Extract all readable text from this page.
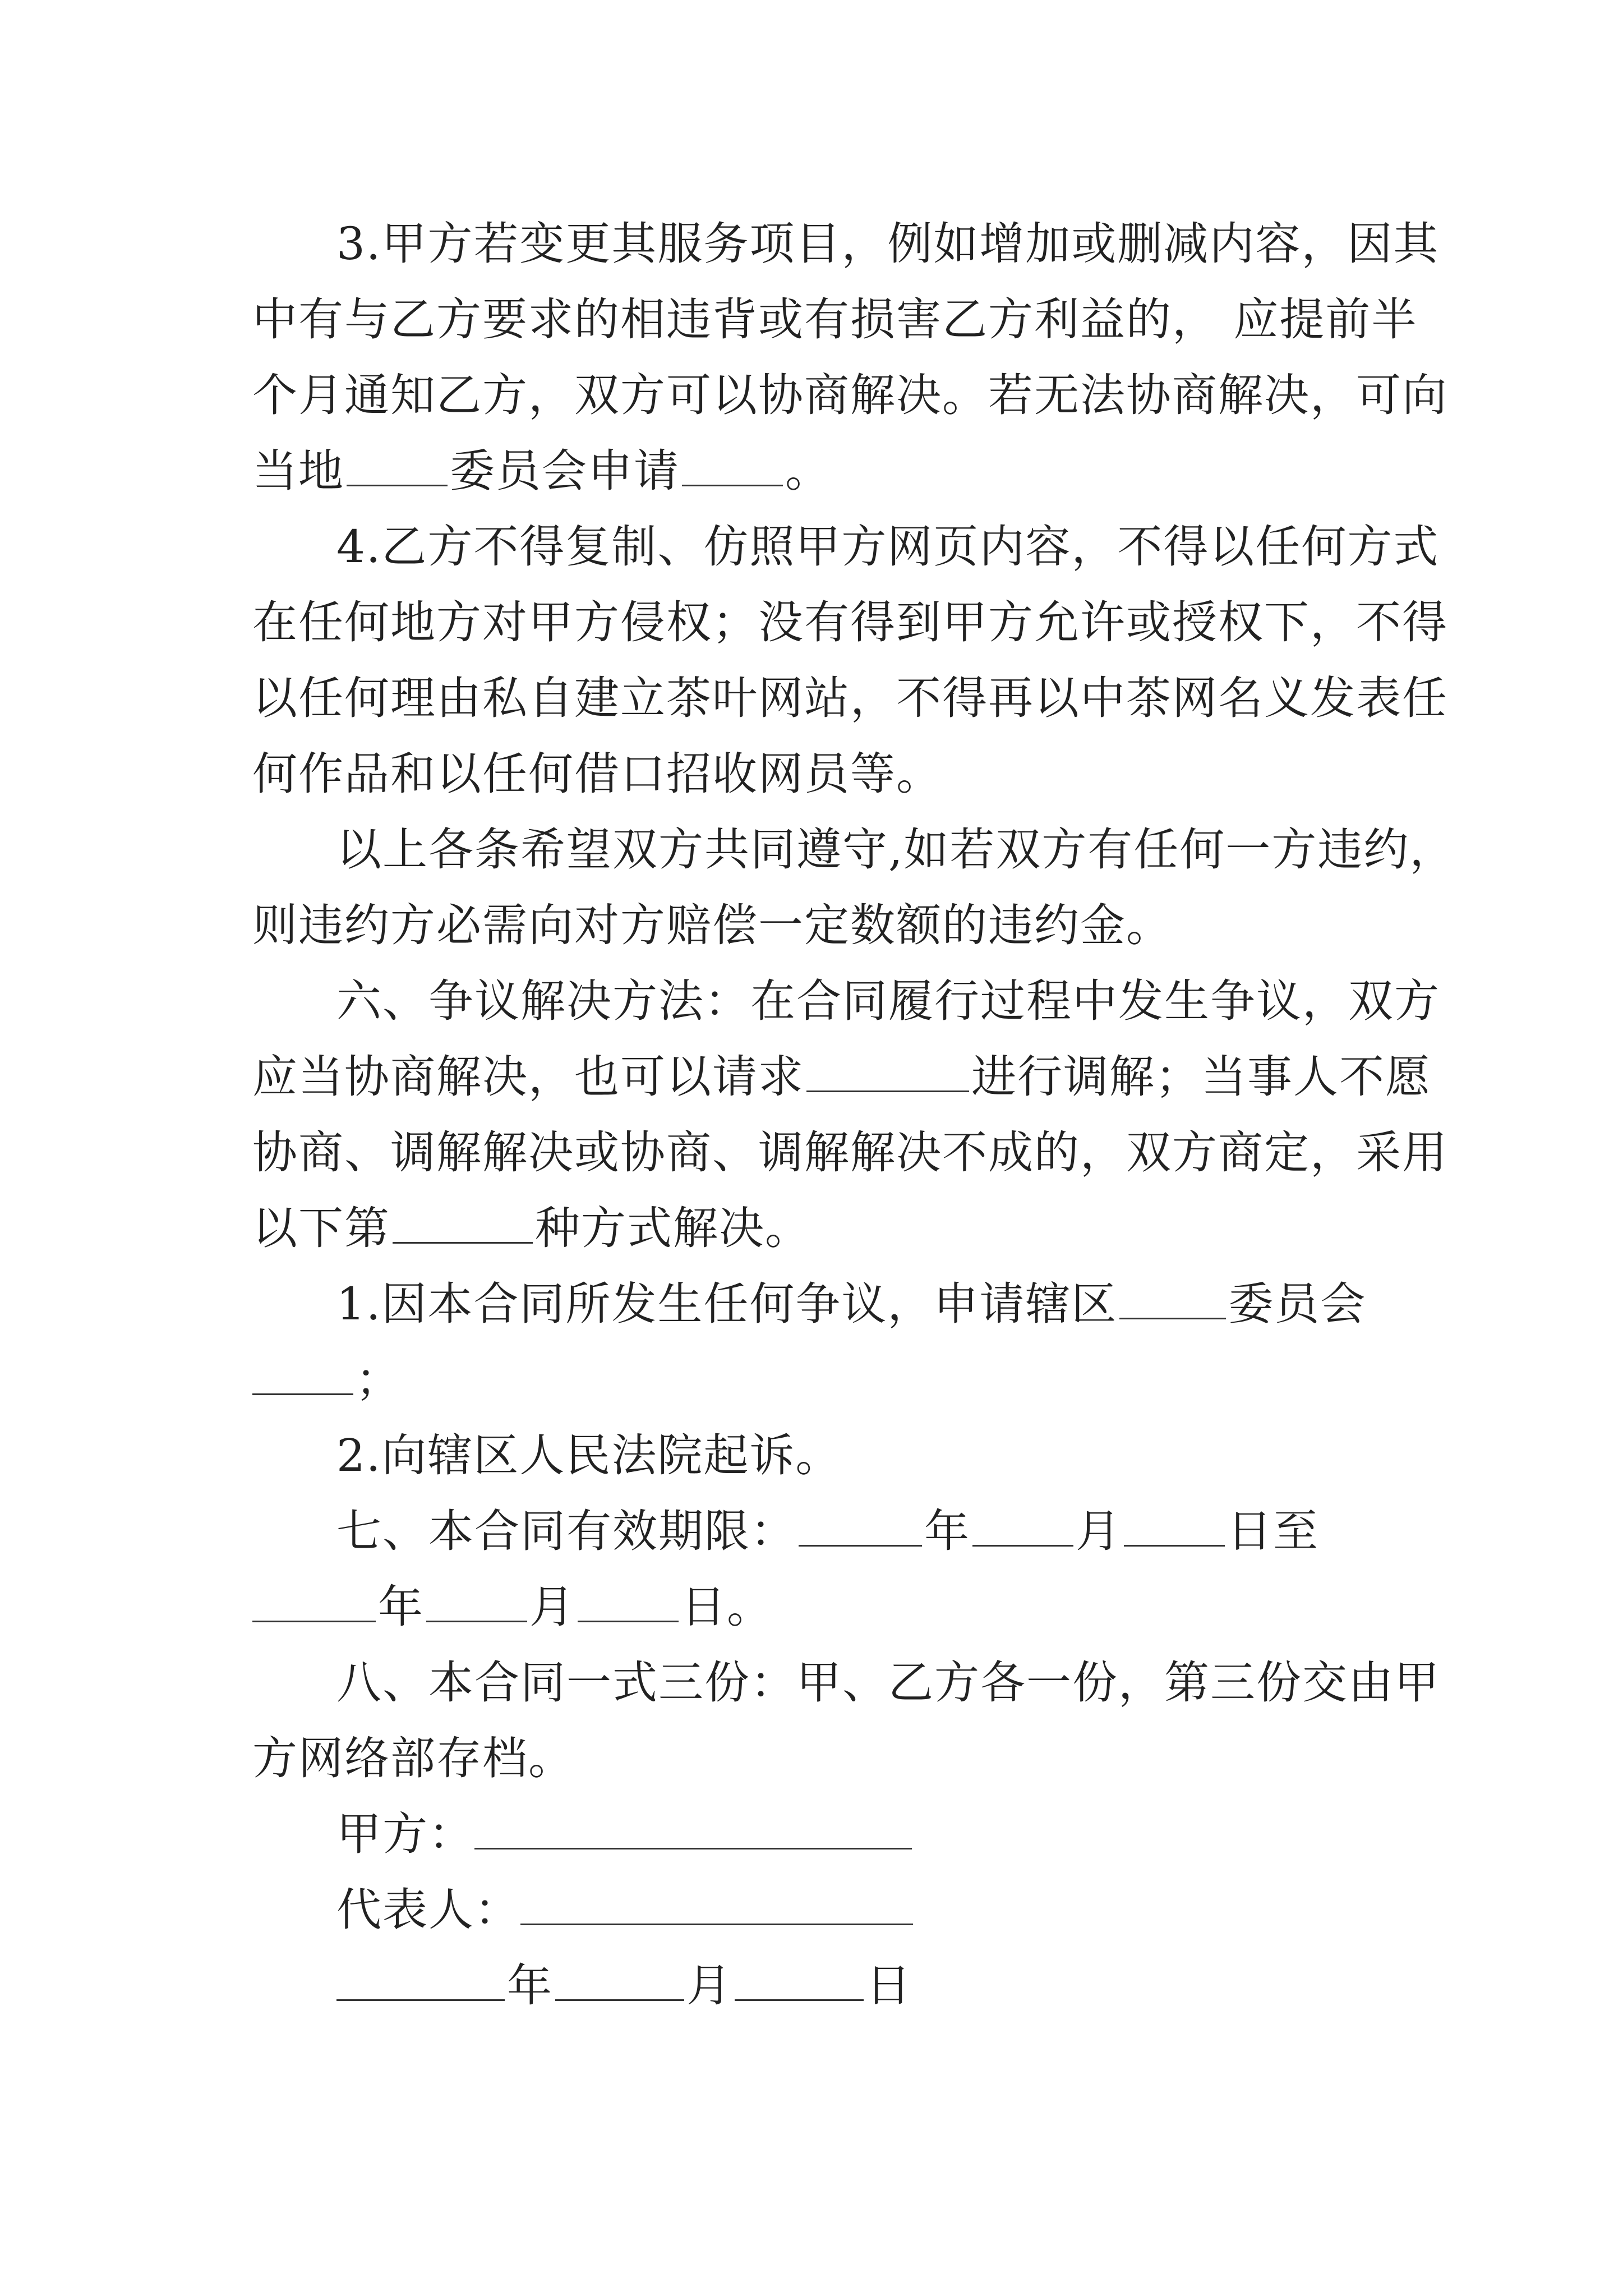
3.甲方若变更其服务项目，例如增加或删减内容，因其
中有与乙方要求的相违背或有损害乙方利益的， 应提前半
个月通知乙方，双方可以协商解决。若无法协商解决，可向
当地 委员会申请 。
4.乙方不得复制、仿照甲方网页内容，不得以任何方式
在任何地方对甲方侵权；没有得到甲方允许或授权下，不得
以任何理由私自建立茶叶网站，不得再以中茶网名义发表任
何作品和以任何借口招收网员等。
以上各条希望双方共同遵守,如若双方有任何一方违约，
则违约方必需向对方赔偿一定数额的违约金。
六、争议解决方法：在合同履行过程中发生争议，双方
应当协商解决，也可以请求	进行调解；当事人不愿
协商、调解解决或协商、调解解决不成的，双方商定，采用
以下第	种方式解决。
1.因本合同所发生任何争议，申请辖区 委员会
；
2.向辖区人民法院起诉。
七、本合同有效期限：	年 月 日至
年 月 日。
八、本合同一式三份：甲、乙方各一份，第三份交由甲
方网络部存档。
甲方：
代表人：
年	月	日
